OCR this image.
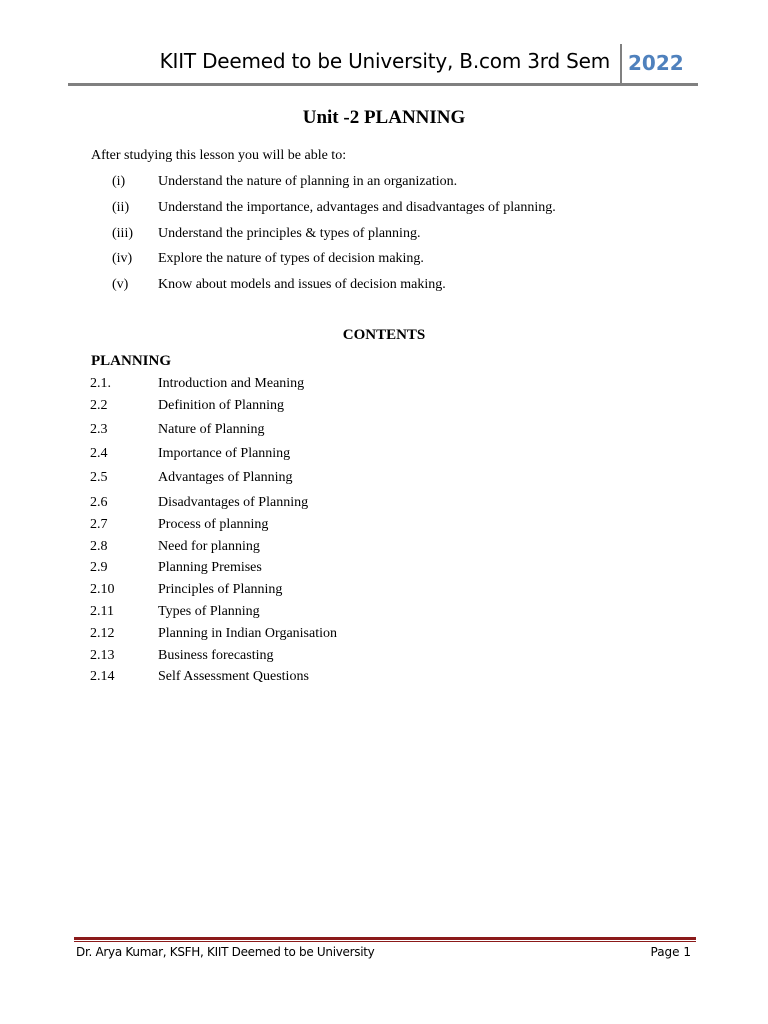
KIIT Deemed to be University, B.com 3rd Sem 2022
Unit -2 PLANNING
After studying this lesson you will be able to:
(i) Understand the nature of planning in an organization.
(ii) Understand the importance, advantages and disadvantages of planning.
(iii) Understand the principles & types of planning.
(iv) Explore the nature of types of decision making.
(v) Know about models and issues of decision making.
CONTENTS
PLANNING
2.1.	Introduction and Meaning
2.2	Definition of Planning
2.3	Nature of Planning
2.4	Importance of Planning
2.5	Advantages of Planning
2.6	Disadvantages of Planning
2.7	Process of planning
2.8	Need for planning
2.9	Planning Premises
2.10	Principles of Planning
2.11	Types of Planning
2.12	Planning in Indian Organisation
2.13	Business forecasting
2.14	Self Assessment Questions
Dr. Arya Kumar, KSFH, KIIT Deemed to be University	Page 1
